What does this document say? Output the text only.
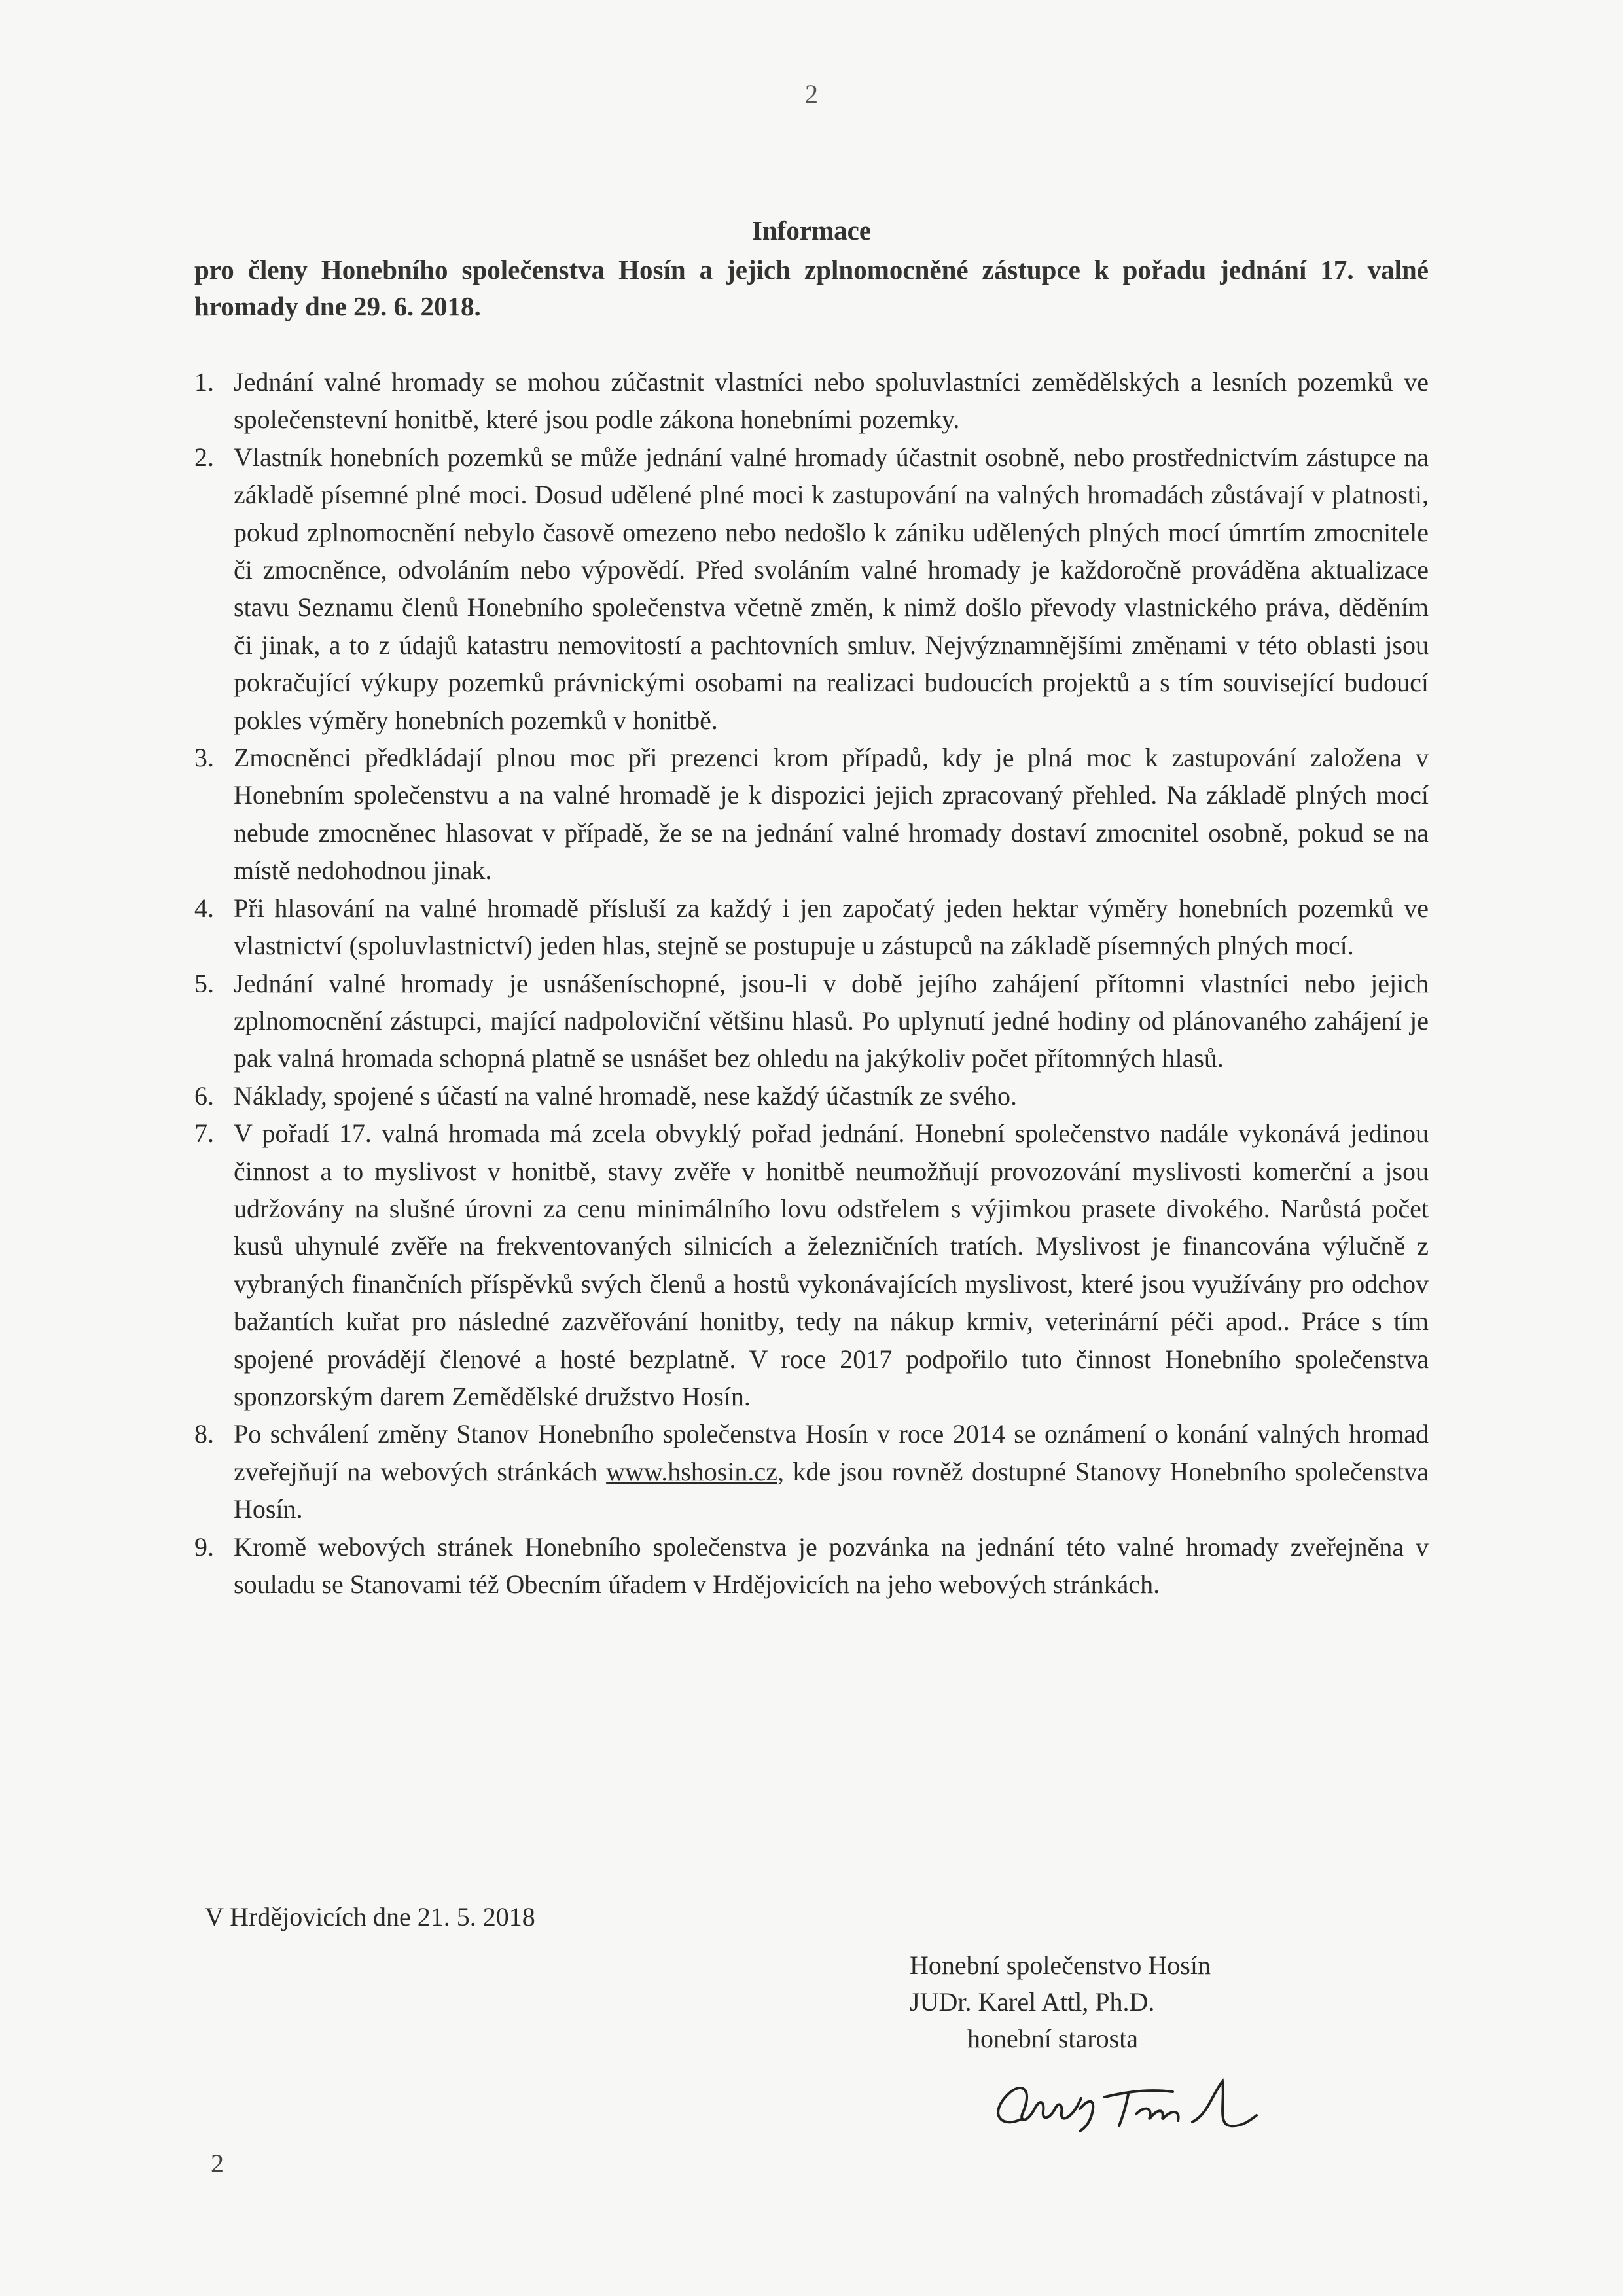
2
Informace
pro členy Honebního společenstva Hosín a jejich zplnomocněné zástupce k pořadu jednání 17. valné hromady dne 29. 6. 2018.
1. Jednání valné hromady se mohou zúčastnit vlastníci nebo spoluvlastníci zemědělských a lesních pozemků ve společenstevní honitbě, které jsou podle zákona honebními pozemky.
2. Vlastník honebních pozemků se může jednání valné hromady účastnit osobně, nebo prostřednictvím zástupce na základě písemné plné moci. Dosud udělené plné moci k zastupování na valných hromadách zůstávají v platnosti, pokud zplnomocnění nebylo časově omezeno nebo nedošlo k zániku udělených plných mocí úmrtím zmocnitele či zmocněnce, odvoláním nebo výpovědí. Před svoláním valné hromady je každoročně prováděna aktualizace stavu Seznamu členů Honebního společenstva včetně změn, k nimž došlo převody vlastnického práva, děděním či jinak, a to z údajů katastru nemovitostí a pachtovních smluv. Nejvýznamnějšími změnami v této oblasti jsou pokračující výkupy pozemků právnickými osobami na realizaci budoucích projektů a s tím související budoucí pokles výměry honebních pozemků v honitbě.
3. Zmocněnci předkládají plnou moc při prezenci krom případů, kdy je plná moc k zastupování založena v Honebním společenstvu a na valné hromadě je k dispozici jejich zpracovaný přehled. Na základě plných mocí nebude zmocněnec hlasovat v případě, že se na jednání valné hromady dostaví zmocnitel osobně, pokud se na místě nedohodnou jinak.
4. Při hlasování na valné hromadě přísluší za každý i jen započatý jeden hektar výměry honebních pozemků ve vlastnictví (spoluvlastnictví) jeden hlas, stejně se postupuje u zástupců na základě písemných plných mocí.
5. Jednání valné hromady je usnášeníschopné, jsou-li v době jejího zahájení přítomni vlastníci nebo jejich zplnomocnění zástupci, mající nadpoloviční většinu hlasů. Po uplynutí jedné hodiny od plánovaného zahájení je pak valná hromada schopná platně se usnášet bez ohledu na jakýkoliv počet přítomných hlasů.
6. Náklady, spojené s účastí na valné hromadě, nese každý účastník ze svého.
7. V pořadí 17. valná hromada má zcela obvyklý pořad jednání. Honební společenstvo nadále vykonává jedinou činnost a to myslivost v honitbě, stavy zvěře v honitbě neumožňují provozování myslivosti komerční a jsou udržovány na slušné úrovni za cenu minimálního lovu odstřelem s výjimkou prasete divokého. Narůstá počet kusů uhynulé zvěře na frekventovaných silnicích a železničních tratích. Myslivost je financována výlučně z vybraných finančních příspěvků svých členů a hostů vykonávajících myslivost, které jsou využívány pro odchov bažantích kuřat pro následné zazvěřování honitby, tedy na nákup krmiv, veterinární péči apod.. Práce s tím spojené provádějí členové a hosté bezplatně. V roce 2017 podpořilo tuto činnost Honebního společenstva sponzorským darem Zemědělské družstvo Hosín.
8. Po schválení změny Stanov Honebního společenstva Hosín v roce 2014 se oznámení o konání valných hromad zveřejňují na webových stránkách www.hshosin.cz, kde jsou rovněž dostupné Stanovy Honebního společenstva Hosín.
9. Kromě webových stránek Honebního společenstva je pozvánka na jednání této valné hromady zveřejněna v souladu se Stanovami též Obecním úřadem v Hrdějovicích na jeho webových stránkách.
V Hrdějovicích dne 21. 5. 2018
Honební společenstvo Hosín
JUDr. Karel Attl, Ph.D.
honební starosta
2
